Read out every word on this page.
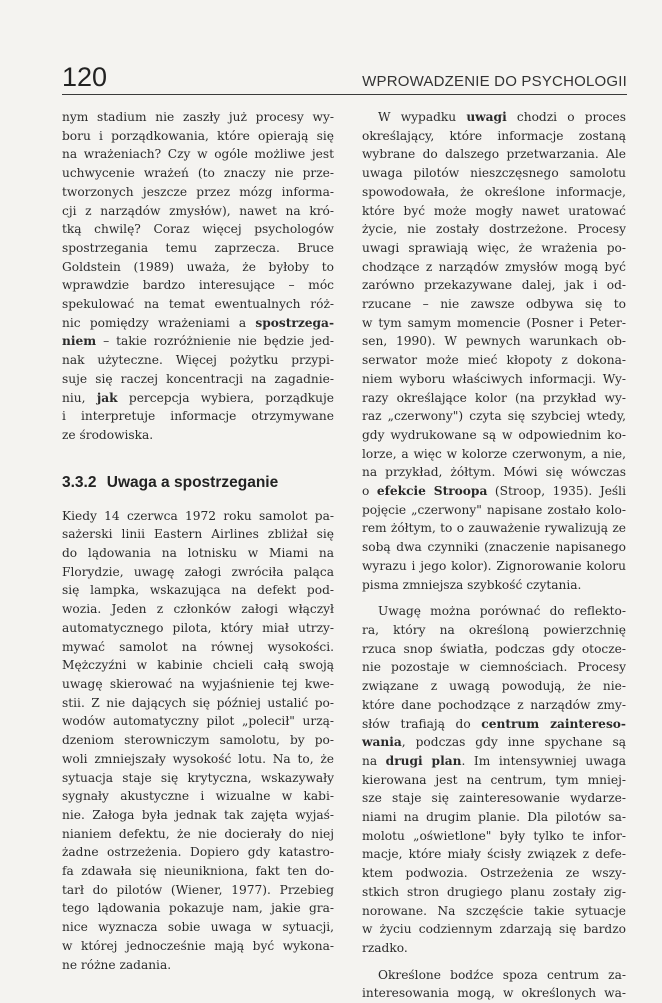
120	WPROWADZENIE DO PSYCHOLOGII
nym stadium nie zaszły już procesy wy-
boru i porządkowania, które opierają się
na wrażeniach? Czy w ogóle możliwe jest
uchwycenie wrażeń (to znaczy nie prze-
tworzonych jeszcze przez mózg informa-
cji z narządów zmysłów), nawet na kró-
tką chwilę? Coraz więcej psychologów
spostrzegania temu zaprzecza. Bruce
Goldstein (1989) uważa, że byłoby to
wprawdzie bardzo interesujące – móc
spekulować na temat ewentualnych róż-
nic pomiędzy wrażeniami a spostrzega-
niem – takie rozróżnienie nie będzie jed-
nak użyteczne. Więcej pożytku przypi-
suje się raczej koncentracji na zagadnie-
niu, jak percepcja wybiera, porządkuje
i interpretuje informacje otrzymywane
ze środowiska.
3.3.2 Uwaga a spostrzeganie
Kiedy 14 czerwca 1972 roku samolot pa-
sażerski linii Eastern Airlines zbliżał się
do lądowania na lotnisku w Miami na
Florydzie, uwagę załogi zwróciła paląca
się lampka, wskazująca na defekt pod-
wozia. Jeden z członków załogi włączył
automatycznego pilota, który miał utrzy-
mywać samolot na równej wysokości.
Mężczyźni w kabinie chcieli całą swoją
uwagę skierować na wyjaśnienie tej kwe-
stii. Z nie dających się później ustalić po-
wodów automatyczny pilot „polecił" urzą-
dzeniom sterowniczym samolotu, by po-
woli zmniejszały wysokość lotu. Na to, że
sytuacja staje się krytyczna, wskazywały
sygnały akustyczne i wizualne w kabi-
nie. Załoga była jednak tak zajęta wyjaś-
nianiem defektu, że nie docierały do niej
żadne ostrzeżenia. Dopiero gdy katastro-
fa zdawała się nieunikniona, fakt ten do-
tarł do pilotów (Wiener, 1977). Przebieg
tego lądowania pokazuje nam, jakie gra-
nice wyznacza sobie uwaga w sytuacji,
w której jednocześnie mają być wykona-
ne różne zadania.
W wypadku uwagi chodzi o proces
określający, które informacje zostaną
wybrane do dalszego przetwarzania. Ale
uwaga pilotów nieszczęsnego samolotu
spowodowała, że określone informacje,
które być może mogły nawet uratować
życie, nie zostały dostrzeżone. Procesy
uwagi sprawiają więc, że wrażenia po-
chodzące z narządów zmysłów mogą być
zarówno przekazywane dalej, jak i od-
rzucane – nie zawsze odbywa się to
w tym samym momencie (Posner i Peter-
sen, 1990). W pewnych warunkach ob-
serwator może mieć kłopoty z dokona-
niem wyboru właściwych informacji. Wy-
razy określające kolor (na przykład wy-
raz „czerwony") czyta się szybciej wtedy,
gdy wydrukowane są w odpowiednim ko-
lorze, a więc w kolorze czerwonym, a nie,
na przykład, żółtym. Mówi się wówczas
o efekcie Stroopa (Stroop, 1935). Jeśli
pojęcie „czerwony" napisane zostało kolo-
rem żółtym, to o zauważenie rywalizują ze
sobą dwa czynniki (znaczenie napisanego
wyrazu i jego kolor). Zignorowanie koloru
pisma zmniejsza szybkość czytania.
Uwagę można porównać do reflekto-
ra, który na określoną powierzchnię
rzuca snop światła, podczas gdy otocze-
nie pozostaje w ciemnościach. Procesy
związane z uwagą powodują, że nie-
które dane pochodzące z narządów zmy-
słów trafiają do centrum zaintereso-
wania, podczas gdy inne spychane są
na drugi plan. Im intensywniej uwaga
kierowana jest na centrum, tym mniej-
sze staje się zainteresowanie wydarze-
niami na drugim planie. Dla pilotów sa-
molotu „oświetlone" były tylko te infor-
macje, które miały ścisły związek z defe-
ktem podwozia. Ostrzeżenia ze wszy-
stkich stron drugiego planu zostały zig-
norowane. Na szczęście takie sytuacje
w życiu codziennym zdarzają się bardzo
rzadko.
Określone bodźce spoza centrum za-
interesowania mogą, w określonych wa-
